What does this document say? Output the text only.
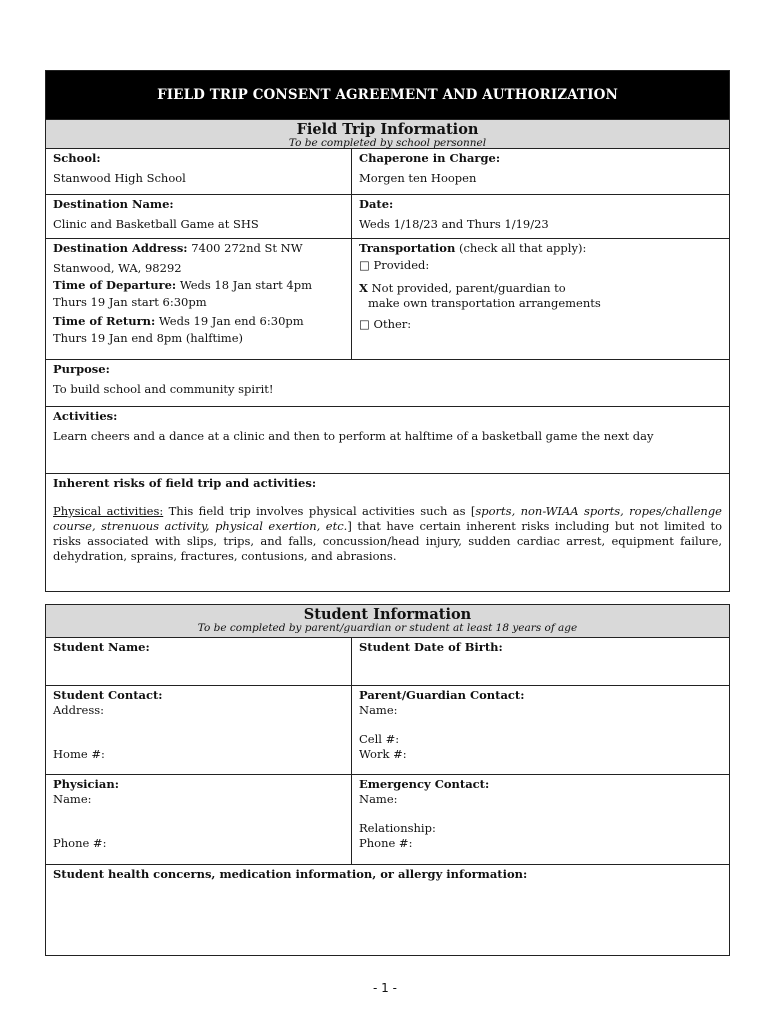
FIELD TRIP CONSENT AGREEMENT AND AUTHORIZATION
Field Trip Information
To be completed by school personnel
School:
Stanwood High School
Chaperone in Charge:
Morgen ten Hoopen
Destination Name:
Clinic and Basketball Game at SHS
Date:
Weds 1/18/23 and Thurs 1/19/23
Destination Address: 7400 272nd St NW
Stanwood, WA, 98292
Time of Departure: Weds 18 Jan start 4pm
Thurs 19 Jan start 6:30pm
Time of Return: Weds 19 Jan end 6:30pm
Thurs 19 Jan end 8pm (halftime)
Transportation (check all that apply):
□ Provided:
X Not provided, parent/guardian to
make own transportation arrangements
□ Other:
Purpose:
To build school and community spirit!
Activities:
Learn cheers and a dance at a clinic and then to perform at halftime of a basketball game the next day
Inherent risks of field trip and activities:
Physical activities: This field trip involves physical activities such as [sports, non-WIAA sports, ropes/challenge course, strenuous activity, physical exertion, etc.] that have certain inherent risks including but not limited to risks associated with slips, trips, and falls, concussion/head injury, sudden cardiac arrest, equipment failure, dehydration, sprains, fractures, contusions, and abrasions.
Student Information
To be completed by parent/guardian or student at least 18 years of age
Student Name:	Student Date of Birth:
Student Contact:
Address:
Home #:
Parent/Guardian Contact:
Name:
Cell #:
Work #:
Physician:
Name:
Phone #:
Emergency Contact:
Name:
Relationship:
Phone #:
Student health concerns, medication information, or allergy information:
- 1 -
